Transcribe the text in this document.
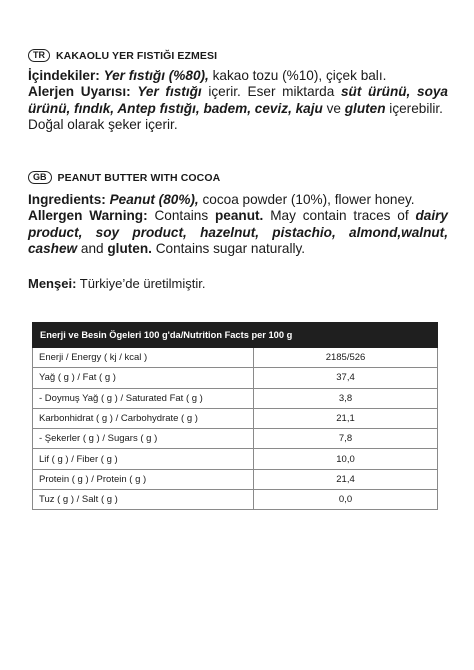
TR	KAKAOLU YER FISTIĞI EZMESI

İçindekiler: Yer fıstığı (%80), kakao tozu (%10), çiçek balı.

Alerjen Uyarısı: Yer fıstığı içerir. Eser miktarda süt ürünü, soya ürünü, fındık, Antep fıstığı, badem, ceviz, kaju ve gluten içerebilir.

Doğal olarak şeker içerir.

GB	PEANUT BUTTER WITH COCOA

Ingredients: Peanut (80%), cocoa powder (10%), flower honey.

Allergen Warning: Contains peanut. May contain traces of dairy product, soy product, hazelnut, pistachio, almond,walnut, cashew and gluten. Contains sugar naturally.

Menşei: Türkiye’de üretilmiştir.

Enerji ve Besin Ögeleri 100 g'da/Nutrition Facts per 100 g	
Enerji / Energy ( kj / kcal )	2185/526
Yağ ( g ) / Fat ( g )	37,4
- Doymuş Yağ ( g ) / Saturated Fat ( g )	3,8
Karbonhidrat ( g ) / Carbohydrate ( g )	21,1
- Şekerler ( g ) / Sugars ( g )	7,8
Lif ( g ) / Fiber ( g )	10,0
Protein ( g ) / Protein ( g )	21,4
Tuz ( g ) / Salt ( g )	0,0
